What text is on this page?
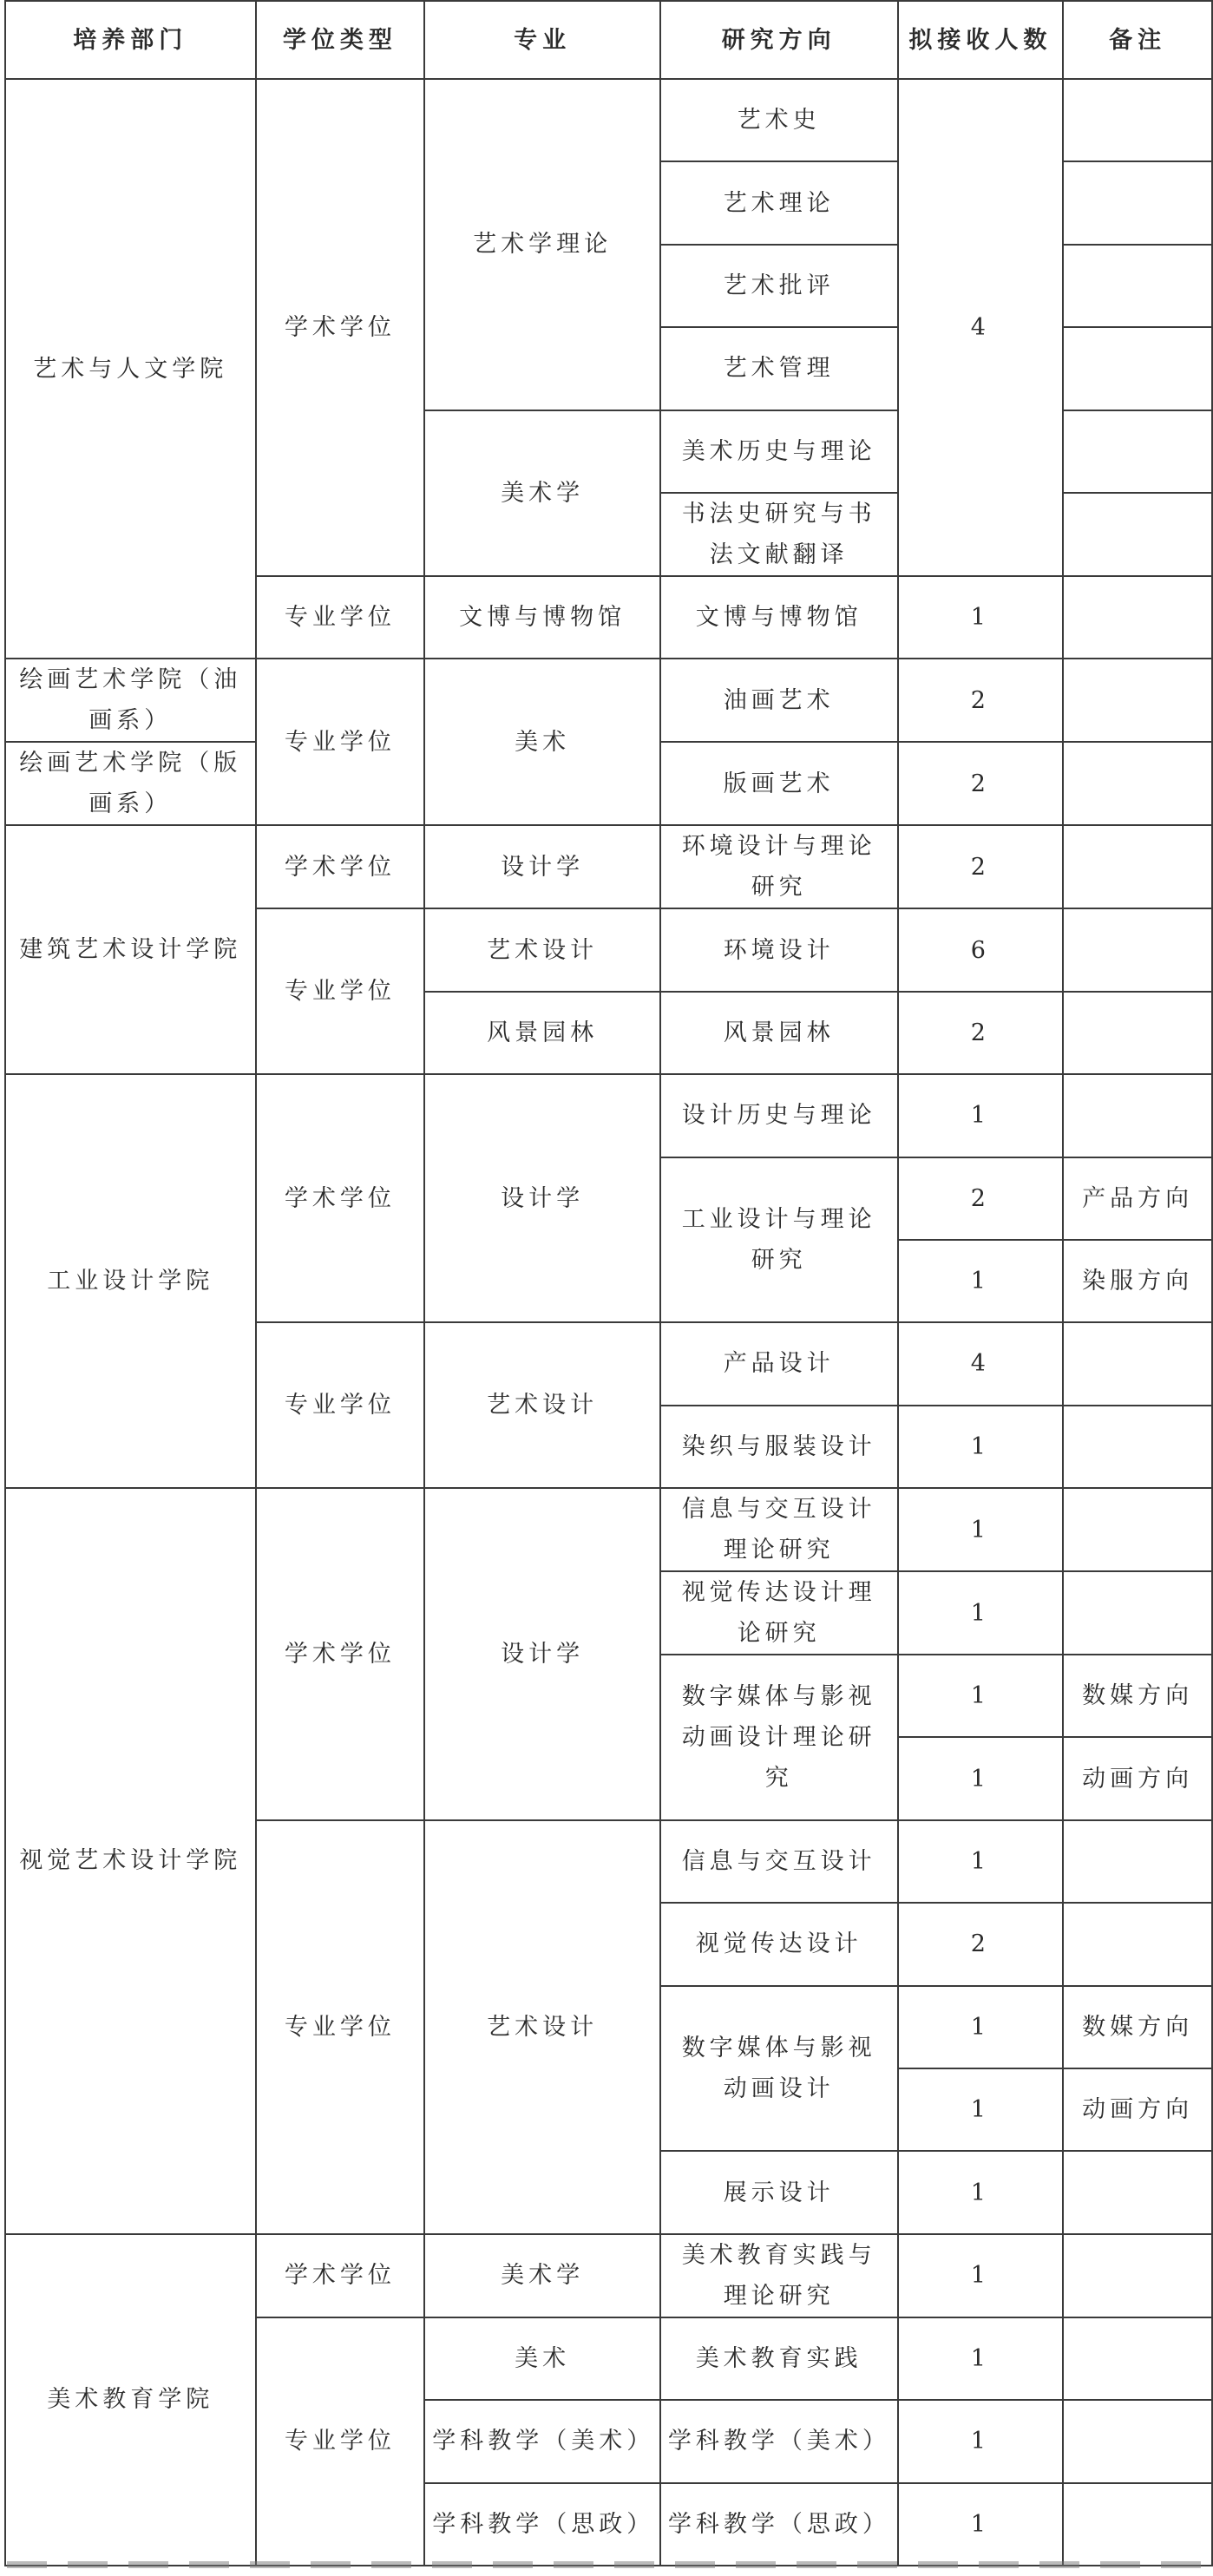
培养部门	学位类型	专业	研究方向	拟接收人数	备注
艺术与人文学院	学术学位	艺术学理论	艺术史	4	
			艺术理论		
			艺术批评		
			艺术管理		
		美术学	美术历史与理论		
			书法史研究与书法文献翻译		
	专业学位	文博与博物馆	文博与博物馆	1	
绘画艺术学院（油画系）	专业学位	美术	油画艺术	2	
绘画艺术学院（版画系）			版画艺术	2	
建筑艺术设计学院	学术学位	设计学	环境设计与理论研究	2	
	专业学位	艺术设计	环境设计	6	
		风景园林	风景园林	2	
工业设计学院	学术学位	设计学	设计历史与理论	1	
			工业设计与理论研究	2	产品方向
				1	染服方向
	专业学位	艺术设计	产品设计	4	
			染织与服装设计	1	
视觉艺术设计学院	学术学位	设计学	信息与交互设计理论研究	1	
			视觉传达设计理论研究	1	
			数字媒体与影视动画设计理论研究	1	数媒方向
				1	动画方向
	专业学位	艺术设计	信息与交互设计	1	
			视觉传达设计	2	
			数字媒体与影视动画设计	1	数媒方向
				1	动画方向
			展示设计	1	
美术教育学院	学术学位	美术学	美术教育实践与理论研究	1	
	专业学位	美术	美术教育实践	1	
		学科教学（美术）	学科教学（美术）	1	
		学科教学（思政）	学科教学（思政）	1	
